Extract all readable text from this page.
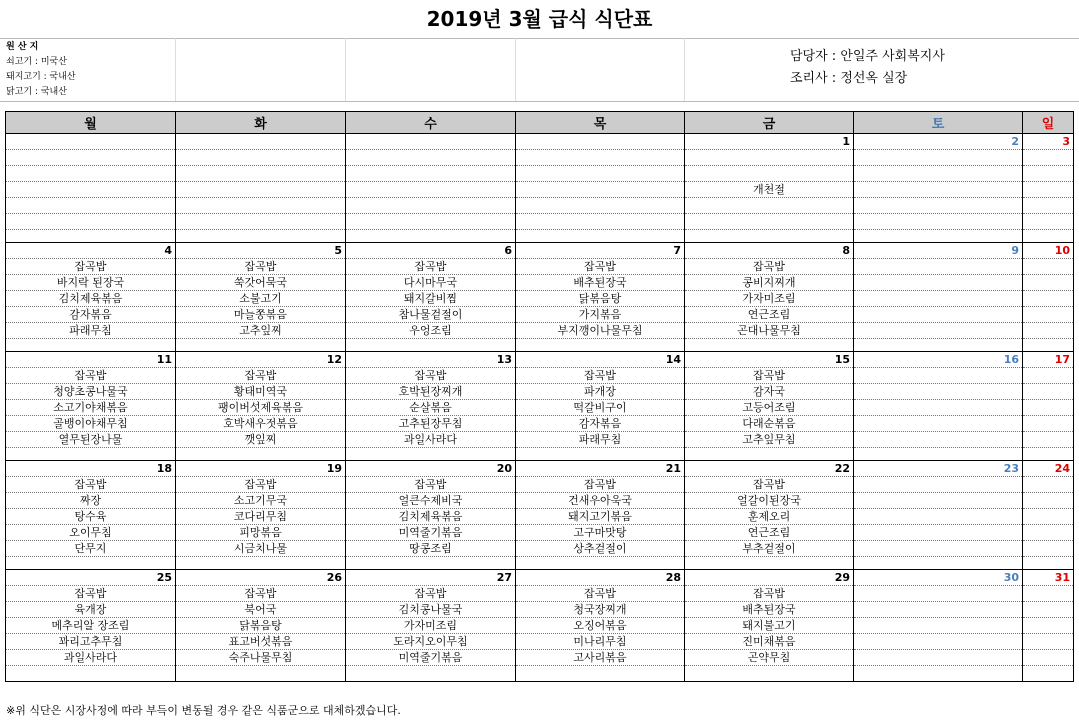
2019년 3월 급식 식단표
원 산 지
쇠고기 : 미국산
돼지고기 : 국내산
닭고기 : 국내산
담당자 : 안일주 사회복지사
조리사 : 정선옥 실장
월	화	수	목	금	토	일
				1	2	3

				개천절		

4	5	6	7	8	9	10
잡곡밥	잡곡밥	잡곡밥	잡곡밥	잡곡밥		
바지락 된장국	쑥갓어묵국	다시마무국	배추된장국	콩비지찌개		
김치제육볶음	소불고기	돼지갈비찜	닭볶음탕	가자미조림		
감자볶음	마늘쫑볶음	참나물겉절이	가지볶음	연근조림		
파래무침	고추잎찌	우엉조림	부지깽이나물무침	곤대나물무침		

11	12	13	14	15	16	17
잡곡밥	잡곡밥	잡곡밥	잡곡밥	잡곡밥		
청양초콩나물국	황태미역국	호박된장찌개	파개장	감자국		
소고기야채볶음	팽이버섯제육볶음	순살볶음	떡갈비구이	고등어조림		
골뱅이야채무침	호박새우젓볶음	고추된장무침	감자볶음	다래순볶음		
열무된장나물	깻잎찌	과일사라다	파래무침	고추잎무침		

18	19	20	21	22	23	24
잡곡밥	잡곡밥	잡곡밥	잡곡밥	잡곡밥		
짜장	소고기무국	얼큰수제비국	건새우아욱국	얼갈이된장국		
탕수육	코다리무침	김치제육볶음	돼지고기볶음	훈제오리		
오이무침	피망볶음	미역줄기볶음	고구마맛탕	연근조림		
단무지	시금치나물	땅콩조림	상추겉절이	부추겉절이		

25	26	27	28	29	30	31
잡곡밥	잡곡밥	잡곡밥	잡곡밥	잡곡밥		
육개장	북어국	김치콩나물국	청국장찌개	배추된장국		
메추리알 장조림	닭볶음탕	가자미조림	오징어볶음	돼지불고기		
꽈리고추무침	표고버섯볶음	도라지오이무침	미나리무침	진미채볶음		
과일사라다	숙주나물무침	미역줄기볶음	고사리볶음	곤약무침		

※위 식단은 시장사정에 따라 부득이 변동될 경우 같은 식품군으로 대체하겠습니다.
